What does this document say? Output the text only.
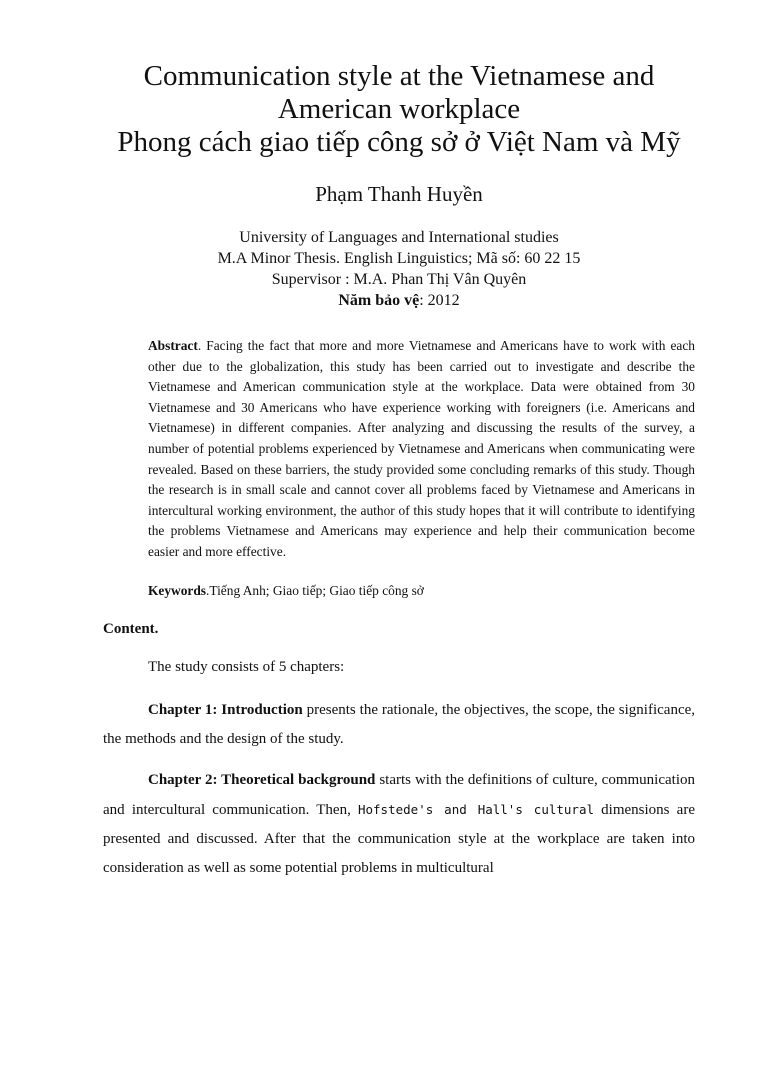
Communication style at the Vietnamese and
American workplace
Phong cách giao tiếp công sở ở Việt Nam và Mỹ
Phạm Thanh Huyền
University of Languages and International studies
M.A Minor Thesis. English Linguistics; Mã số: 60 22 15
Supervisor : M.A. Phan Thị Vân Quyên
Năm bảo vệ: 2012
Abstract. Facing the fact that more and more Vietnamese and Americans have to work with each other due to the globalization, this study has been carried out to investigate and describe the Vietnamese and American communication style at the workplace. Data were obtained from 30 Vietnamese and 30 Americans who have experience working with foreigners (i.e. Americans and Vietnamese) in different companies. After analyzing and discussing the results of the survey, a number of potential problems experienced by Vietnamese and Americans when communicating were revealed. Based on these barriers, the study provided some concluding remarks of this study. Though the research is in small scale and cannot cover all problems faced by Vietnamese and Americans in intercultural working environment, the author of this study hopes that it will contribute to identifying the problems Vietnamese and Americans may experience and help their communication become easier and more effective.
Keywords.Tiếng Anh; Giao tiếp; Giao tiếp công sở
Content.
The study consists of 5 chapters:
Chapter 1: Introduction presents the rationale, the objectives, the scope, the significance, the methods and the design of the study.
Chapter 2: Theoretical background starts with the definitions of culture, communication and intercultural communication. Then, Hofstede's and Hall's cultural dimensions are presented and discussed. After that the communication style at the workplace are taken into consideration as well as some potential problems in multicultural
